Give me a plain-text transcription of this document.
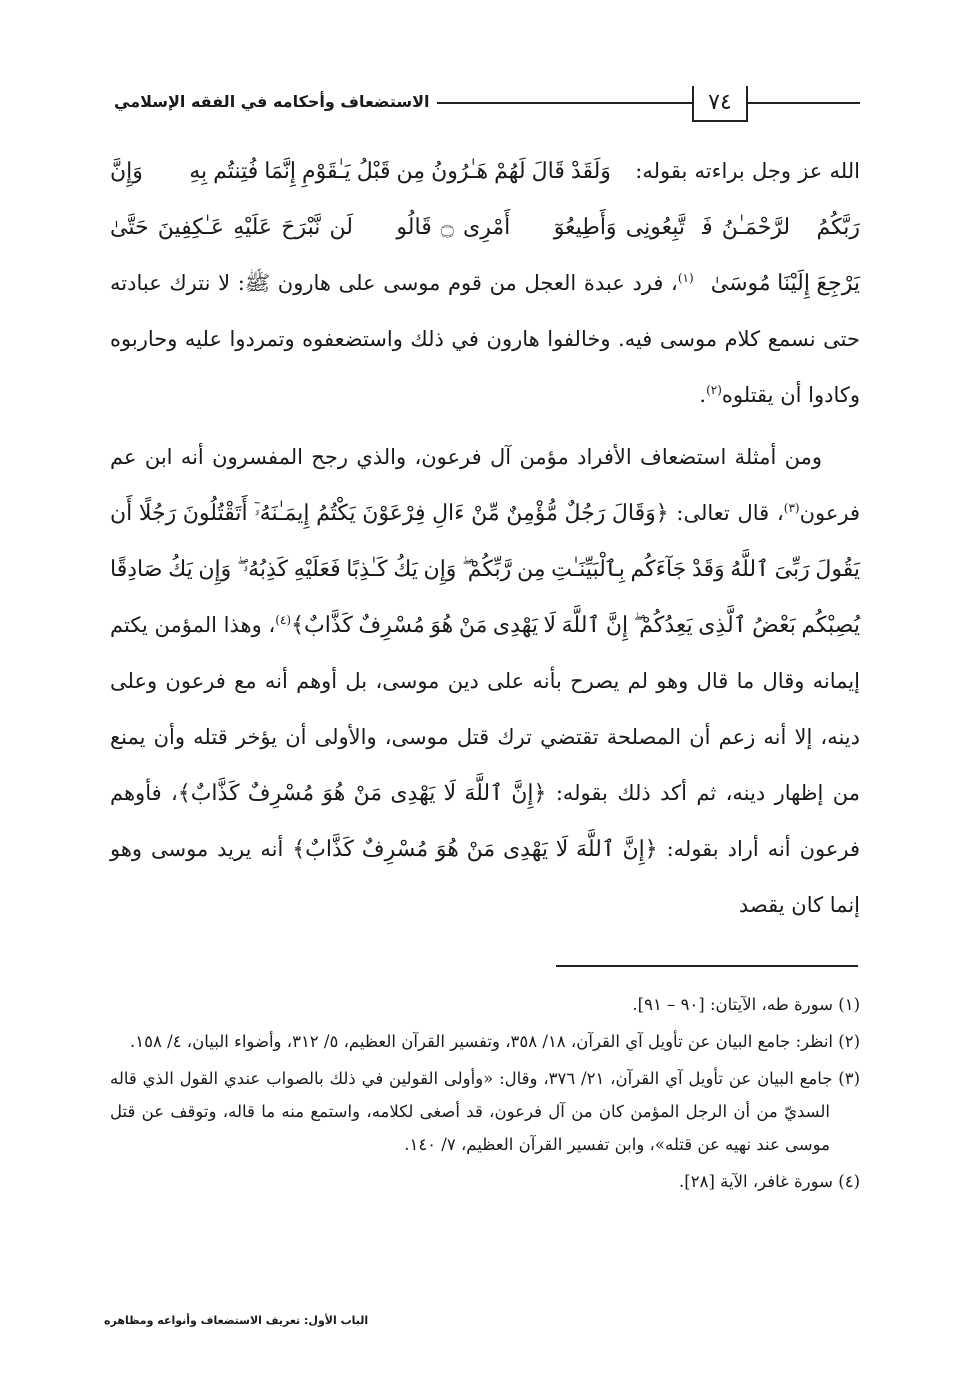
الاستضعاف وأحكامه في الفقه الإسلامي	٧٤

الله عز وجل براءته بقوله: ﴿وَلَقَدْ قَالَ لَهُمْ هَـٰرُونُ مِن قَبْلُ يَـٰقَوْمِ إِنَّمَا فُتِنتُم بِهِۦ ۖ وَإِنَّ رَبَّكُمُ ٱلرَّحْمَـٰنُ فَٱتَّبِعُونِى وَأَطِيعُوٓا۟ أَمْرِى ۝ قَالُوا۟ لَن نَّبْرَحَ عَلَيْهِ عَـٰكِفِينَ حَتَّىٰ يَرْجِعَ إِلَيْنَا مُوسَىٰ﴾$^{(١)}$، فرد عبدة العجل من قوم موسى على هارون ﷺ: لا نترك عبادته حتى نسمع كلام موسى فيه. وخالفوا هارون في ذلك واستضعفوه وتمردوا عليه وحاربوه وكادوا أن يقتلوه$^{(٢)}$.

ومن أمثلة استضعاف الأفراد مؤمن آل فرعون، والذي رجح المفسرون أنه ابن عم فرعون$^{(٣)}$، قال تعالى: ﴿وَقَالَ رَجُلٌ مُّؤْمِنٌ مِّنْ ءَالِ فِرْعَوْنَ يَكْتُمُ إِيمَـٰنَهُۥٓ أَتَقْتُلُونَ رَجُلًا أَن يَقُولَ رَبِّىَ ٱللَّهُ وَقَدْ جَآءَكُم بِٱلْبَيِّنَـٰتِ مِن رَّبِّكُمْ ۖ وَإِن يَكُ كَـٰذِبًا فَعَلَيْهِ كَذِبُهُۥ ۖ وَإِن يَكُ صَادِقًا يُصِبْكُم بَعْضُ ٱلَّذِى يَعِدُكُمْ ۖ إِنَّ ٱللَّهَ لَا يَهْدِى مَنْ هُوَ مُسْرِفٌ كَذَّابٌ﴾$^{(٤)}$، وهذا المؤمن يكتم إيمانه وقال ما قال وهو لم يصرح بأنه على دين موسى، بل أوهم أنه مع فرعون وعلى دينه، إلا أنه زعم أن المصلحة تقتضي ترك قتل موسى، والأولى أن يؤخر قتله وأن يمنع من إظهار دينه، ثم أكد ذلك بقوله: ﴿إِنَّ ٱللَّهَ لَا يَهْدِى مَنْ هُوَ مُسْرِفٌ كَذَّابٌ﴾، فأوهم فرعون أنه أراد بقوله: ﴿إِنَّ ٱللَّهَ لَا يَهْدِى مَنْ هُوَ مُسْرِفٌ كَذَّابٌ﴾ أنه يريد موسى وهو إنما كان يقصد

(١) سورة طه، الآيتان: [٩٠ – ٩١].

(٢) انظر: جامع البيان عن تأويل آي القرآن، ١٨/ ٣٥٨، وتفسير القرآن العظيم، ٥/ ٣١٢، وأضواء البيان، ٤/ ١٥٨.

(٣) جامع البيان عن تأويل آي القرآن، ٢١/ ٣٧٦، وقال: «وأولى القولين في ذلك بالصواب عندي القول الذي قاله السديّ من أن الرجل المؤمن كان من آل فرعون، قد أصغى لكلامه، واستمع منه ما قاله، وتوقف عن قتل موسى عند نهيه عن قتله»، وابن تفسير القرآن العظيم، ٧/ ١٤٠.

(٤) سورة غافر، الآية [٢٨].

الباب الأول: تعريف الاستضعاف وأنواعه ومظاهره
